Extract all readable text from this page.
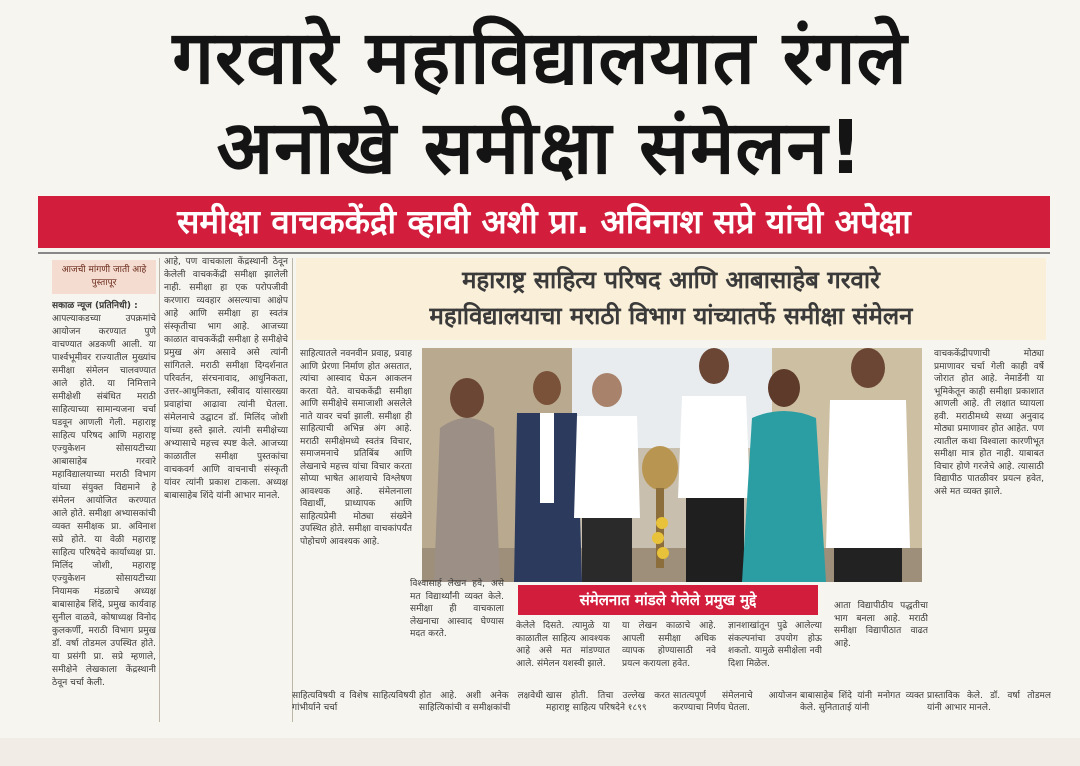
गरवारे महाविद्यालयात रंगले
अनोखे समीक्षा संमेलन!
समीक्षा वाचककेंद्री व्हावी अशी प्रा. अविनाश सप्रे यांची अपेक्षा
आजची मांगणी जाती आहे पुस्तापूर

सकाळ न्यूज (प्रतिनिधी) :

आपल्याकडच्या उपक्रमांचे आयोजन करण्यात पुणे वाचण्यात अडकणी आली. या पार्श्वभूमीवर राज्यातील मुख्यांच समीक्षा संमेलन चालवण्यात आले होते. या निमित्ताने समीक्षेशी संबंधित मराठी साहित्याच्या सामान्यजना चर्चा घडवून आणली गेली. महाराष्ट्र साहित्य परिषद आणि महाराष्ट्र एज्युकेशन सोसायटीच्या आबासाहेब गरवारे महाविद्यालयाच्या मराठी विभाग यांच्या संयुक्त विद्यमाने हे संमेलन आयोजित करण्यात आले होते. समीक्षा अभ्यासकांची व्यक्त समीक्षक प्रा. अविनाश सप्रे होते. या वेळी महाराष्ट्र साहित्य परिषदेचे कार्याध्यक्ष प्रा. मिलिंद जोशी, महाराष्ट्र एज्युकेशन सोसायटीच्या नियामक मंडळाचे अध्यक्ष बाबासाहेब शिंदे, प्रमुख कार्यवाह सुनील वाळवे, कोषाध्यक्ष विनोद कुलकर्णी, मराठी विभाग प्रमुख डॉ. वर्षा तोडमल उपस्थित होते. या प्रसंगी प्रा. सप्रे म्हणाले, समीक्षेने लेखकाला केंद्रस्थानी ठेवून चर्चा केली.

आहे, पण वाचकाला केंद्रस्थानी ठेवून केलेली वाचककेंद्री समीक्षा झालेली नाही. समीक्षा हा एक परोपजीवी करणारा व्यवहार असल्याचा आक्षेप आहे आणि समीक्षा हा स्वतंत्र संस्कृतीचा भाग आहे. आजच्या काळात वाचककेंद्री समीक्षा हे समीक्षेचे प्रमुख अंग असावे असे त्यांनी सांगितले. मराठी समीक्षा दिग्दर्शनात परिवर्तन, संरचनावाद, आधुनिकता, उत्तर-आधुनिकता, स्त्रीवाद यांसारख्या प्रवाहांचा आढावा त्यांनी घेतला. संमेलनाचे उद्घाटन डॉ. मिलिंद जोशी यांच्या हस्ते झाले. त्यांनी समीक्षेच्या अभ्यासाचे महत्त्व स्पष्ट केले. आजच्या काळातील समीक्षा पुस्तकांचा वाचकवर्ग आणि वाचनाची संस्कृती यांवर त्यांनी प्रकाश टाकला. अध्यक्ष बाबासाहेब शिंदे यांनी आभार मानले.

महाराष्ट्र साहित्य परिषद आणि आबासाहेब गरवारे
महाविद्यालयाचा मराठी विभाग यांच्यातर्फे समीक्षा संमेलन

साहित्यातले नवनवीन प्रवाह, प्रवाह आणि प्रेरणा निर्माण होत असतात, त्यांचा आस्वाद घेऊन आकलन करता येते. वाचककेंद्री समीक्षा आणि समीक्षेचे समाजाशी असलेले नाते यावर चर्चा झाली. समीक्षा ही साहित्याची अभिन्न अंग आहे. मराठी समीक्षेमध्ये स्वतंत्र विचार, समाजमनाचे प्रतिबिंब आणि लेखनाचे महत्त्व यांचा विचार करता सोप्या भाषेत आशयाचे विश्लेषण आवश्यक आहे. संमेलनाला विद्यार्थी, प्राध्यापक आणि साहित्यप्रेमी मोठ्या संख्येने उपस्थित होते. समीक्षा वाचकांपर्यंत पोहोचणे आवश्यक आहे.

वाचककेंद्रीपणाची मोठ्या प्रमाणावर चर्चा गेली काही वर्षे जोरात होत आहे. नेमाडेंनी या भूमिकेतून काही समीक्षा प्रकाशात आणली आहे. ती लक्षात घ्यायला हवी. मराठीमध्ये सध्या अनुवाद मोठ्या प्रमाणावर होत आहेत. पण त्यातील कथा विश्वाला कारणीभूत समीक्षा मात्र होत नाही. याबाबत विचार होणे गरजेचे आहे. त्यासाठी विद्यापीठ पातळीवर प्रयत्न हवेत, असे मत व्यक्त झाले.

विश्वासार्ह लेखन हवे, असे मत विद्यार्थ्यांनी व्यक्त केले. समीक्षा ही वाचकाला लेखनाचा आस्वाद घेण्यास मदत करते.

केलेले दिसते. त्यामुळे या काळातील साहित्य आवश्यक आहे असे मत मांडण्यात आले. संमेलन यशस्वी झाले.

या लेखन काळाचे आहे. आपली समीक्षा अधिक व्यापक होण्यासाठी नवे प्रयत्न करायला हवेत.

ज्ञानशाखांतून पुढे आलेल्या संकल्पनांचा उपयोग होऊ शकतो. यामुळे समीक्षेला नवी दिशा मिळेल.

आता विद्यापीठीय पद्धतीचा भाग बनला आहे. मराठी समीक्षा विद्यापीठात वाढत आहे.

संमेलनात मांडले गेलेले प्रमुख मुद्दे
साहित्यविषयी व विशेष साहित्यविषयी गांभीर्याने चर्चा
होत आहे. अशी अनेक लक्षवेधी साहित्यिकांची व समीक्षकांची
खास होती. तिचा उल्लेख करत महाराष्ट्र साहित्य परिषदेने १८९९
सातत्यपूर्ण संमेलनाचे आयोजन करण्याचा निर्णय घेतला.
बाबासाहेब शिंदे यांनी मनोगत व्यक्त केले. सुनिताताई यांनी
प्रास्ताविक केले. डॉ. वर्षा तोडमल यांनी आभार मानले.
